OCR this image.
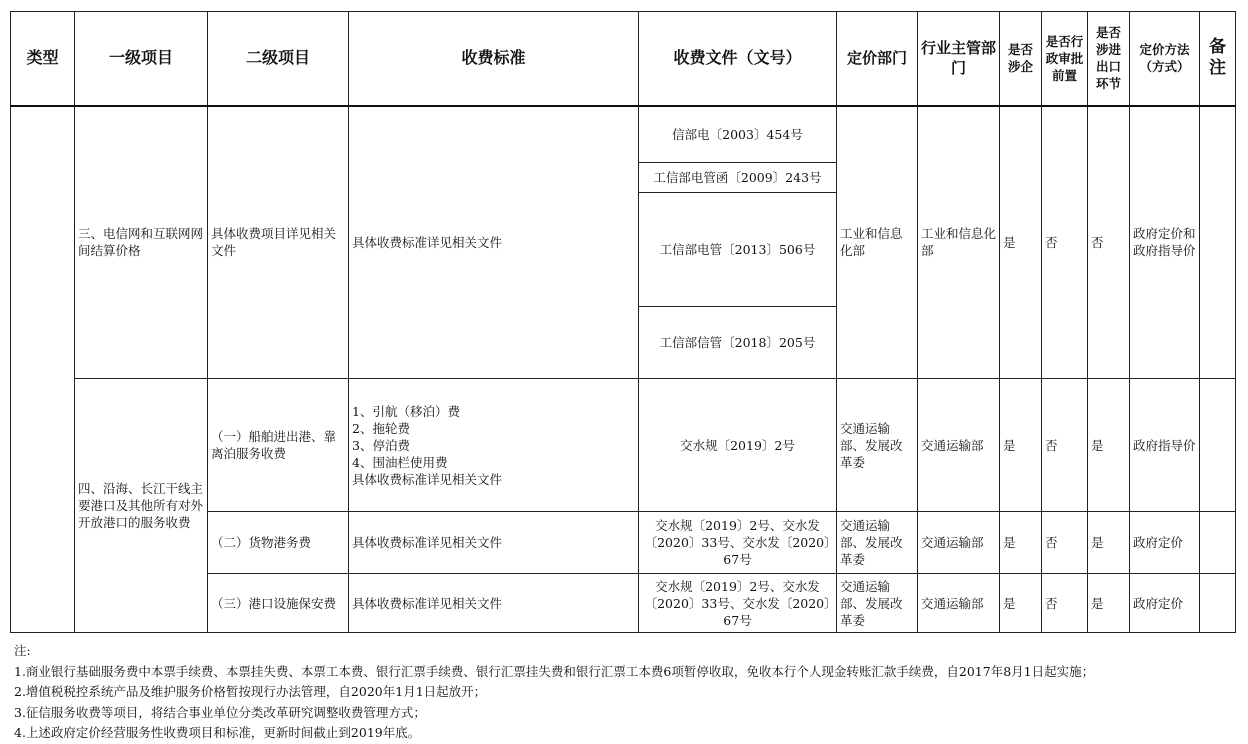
类型	一级项目	二级项目	收费标准	收费文件（文号）	定价部门	行业主管部门	是否涉企	是否行政审批前置	是否涉进出口环节	定价方法（方式）	备注
	三、电信网和互联网网间结算价格	具体收费项目详见相关文件	具体收费标准详见相关文件	信部电〔2003〕454号	工业和信息化部	工业和信息化部	是	否	否	政府定价和政府指导价	
				工信部电管函〔2009〕243号							
				工信部电管〔2013〕506号							
				工信部信管〔2018〕205号							
	四、沿海、长江干线主要港口及其他所有对外开放港口的服务收费	（一）船舶进出港、靠离泊服务收费	1、引航（移泊）费
2、拖轮费
3、停泊费
4、围油栏使用费
具体收费标准详见相关文件	交水规〔2019〕2号	交通运输部、发展改革委	交通运输部	是	否	是	政府指导价	
		（二）货物港务费	具体收费标准详见相关文件	交水规〔2019〕2号、交水发〔2020〕33号、交水发〔2020〕67号	交通运输部、发展改革委	交通运输部	是	否	是	政府定价	
		（三）港口设施保安费	具体收费标准详见相关文件	交水规〔2019〕2号、交水发〔2020〕33号、交水发〔2020〕67号	交通运输部、发展改革委	交通运输部	是	否	是	政府定价	
注:
1.商业银行基础服务费中本票手续费、本票挂失费、本票工本费、银行汇票手续费、银行汇票挂失费和银行汇票工本费6项暂停收取，免收本行个人现金转账汇款手续费，自2017年8月1日起实施；
2.增值税税控系统产品及维护服务价格暂按现行办法管理，自2020年1月1日起放开；
3.征信服务收费等项目，将结合事业单位分类改革研究调整收费管理方式；
4.上述政府定价经营服务性收费项目和标准，更新时间截止到2019年底。
